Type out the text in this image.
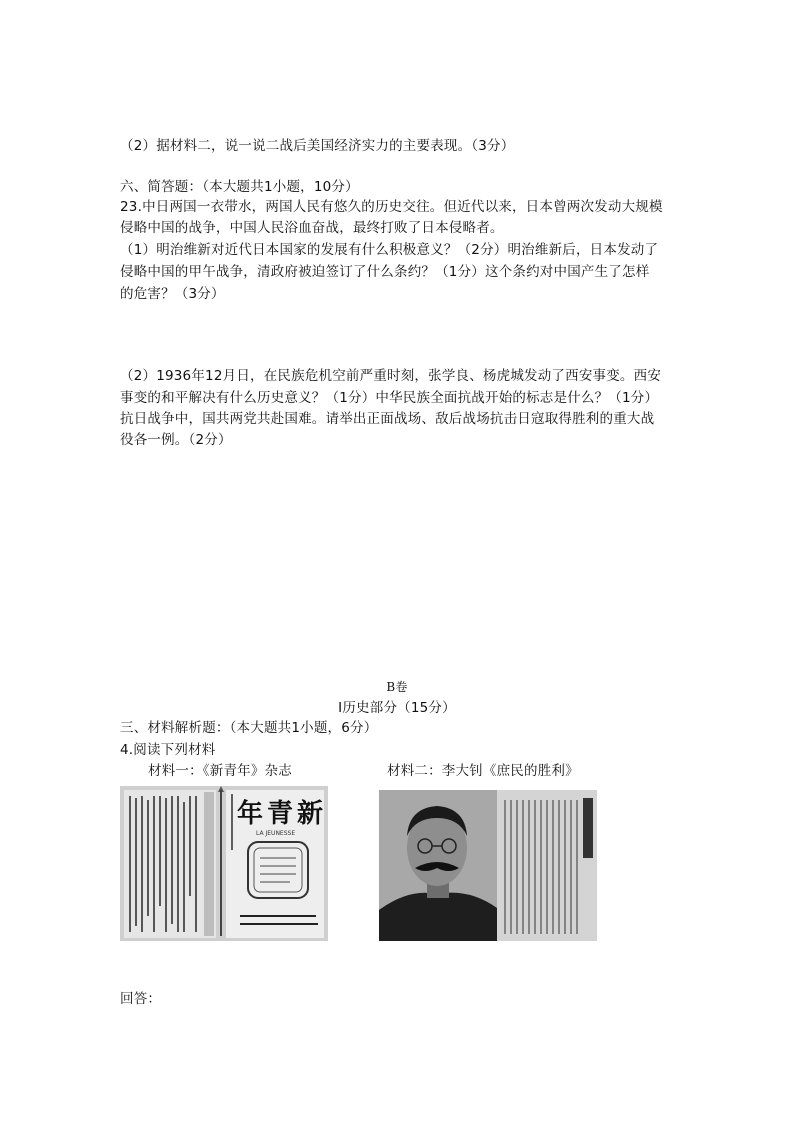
（2）据材料二，说一说二战后美国经济实力的主要表现。（3分）
六、简答题：（本大题共1小题，10分）
23.中日两国一衣带水，两国人民有悠久的历史交往。但近代以来，日本曾两次发动大规模
侵略中国的战争，中国人民浴血奋战，最终打败了日本侵略者。
（1）明治维新对近代日本国家的发展有什么积极意义？（2分）明治维新后，日本发动了
侵略中国的甲午战争，清政府被迫签订了什么条约？（1分）这个条约对中国产生了怎样
的危害？（3分）
（2）1936年12月日，在民族危机空前严重时刻，张学良、杨虎城发动了西安事变。西安
事变的和平解决有什么历史意义？（1分）中华民族全面抗战开始的标志是什么？（1分）
抗日战争中，国共两党共赴国难。请举出正面战场、敌后战场抗击日寇取得胜利的重大战
役各一例。（2分）
B卷
Ⅰ历史部分（15分）
三、材料解析题：（本大题共1小题，6分）
4.阅读下列材料
材料一：《新青年》杂志	材料二：李大钊《庶民的胜利》
新
青
年
LA JEUNESSE
回答：
